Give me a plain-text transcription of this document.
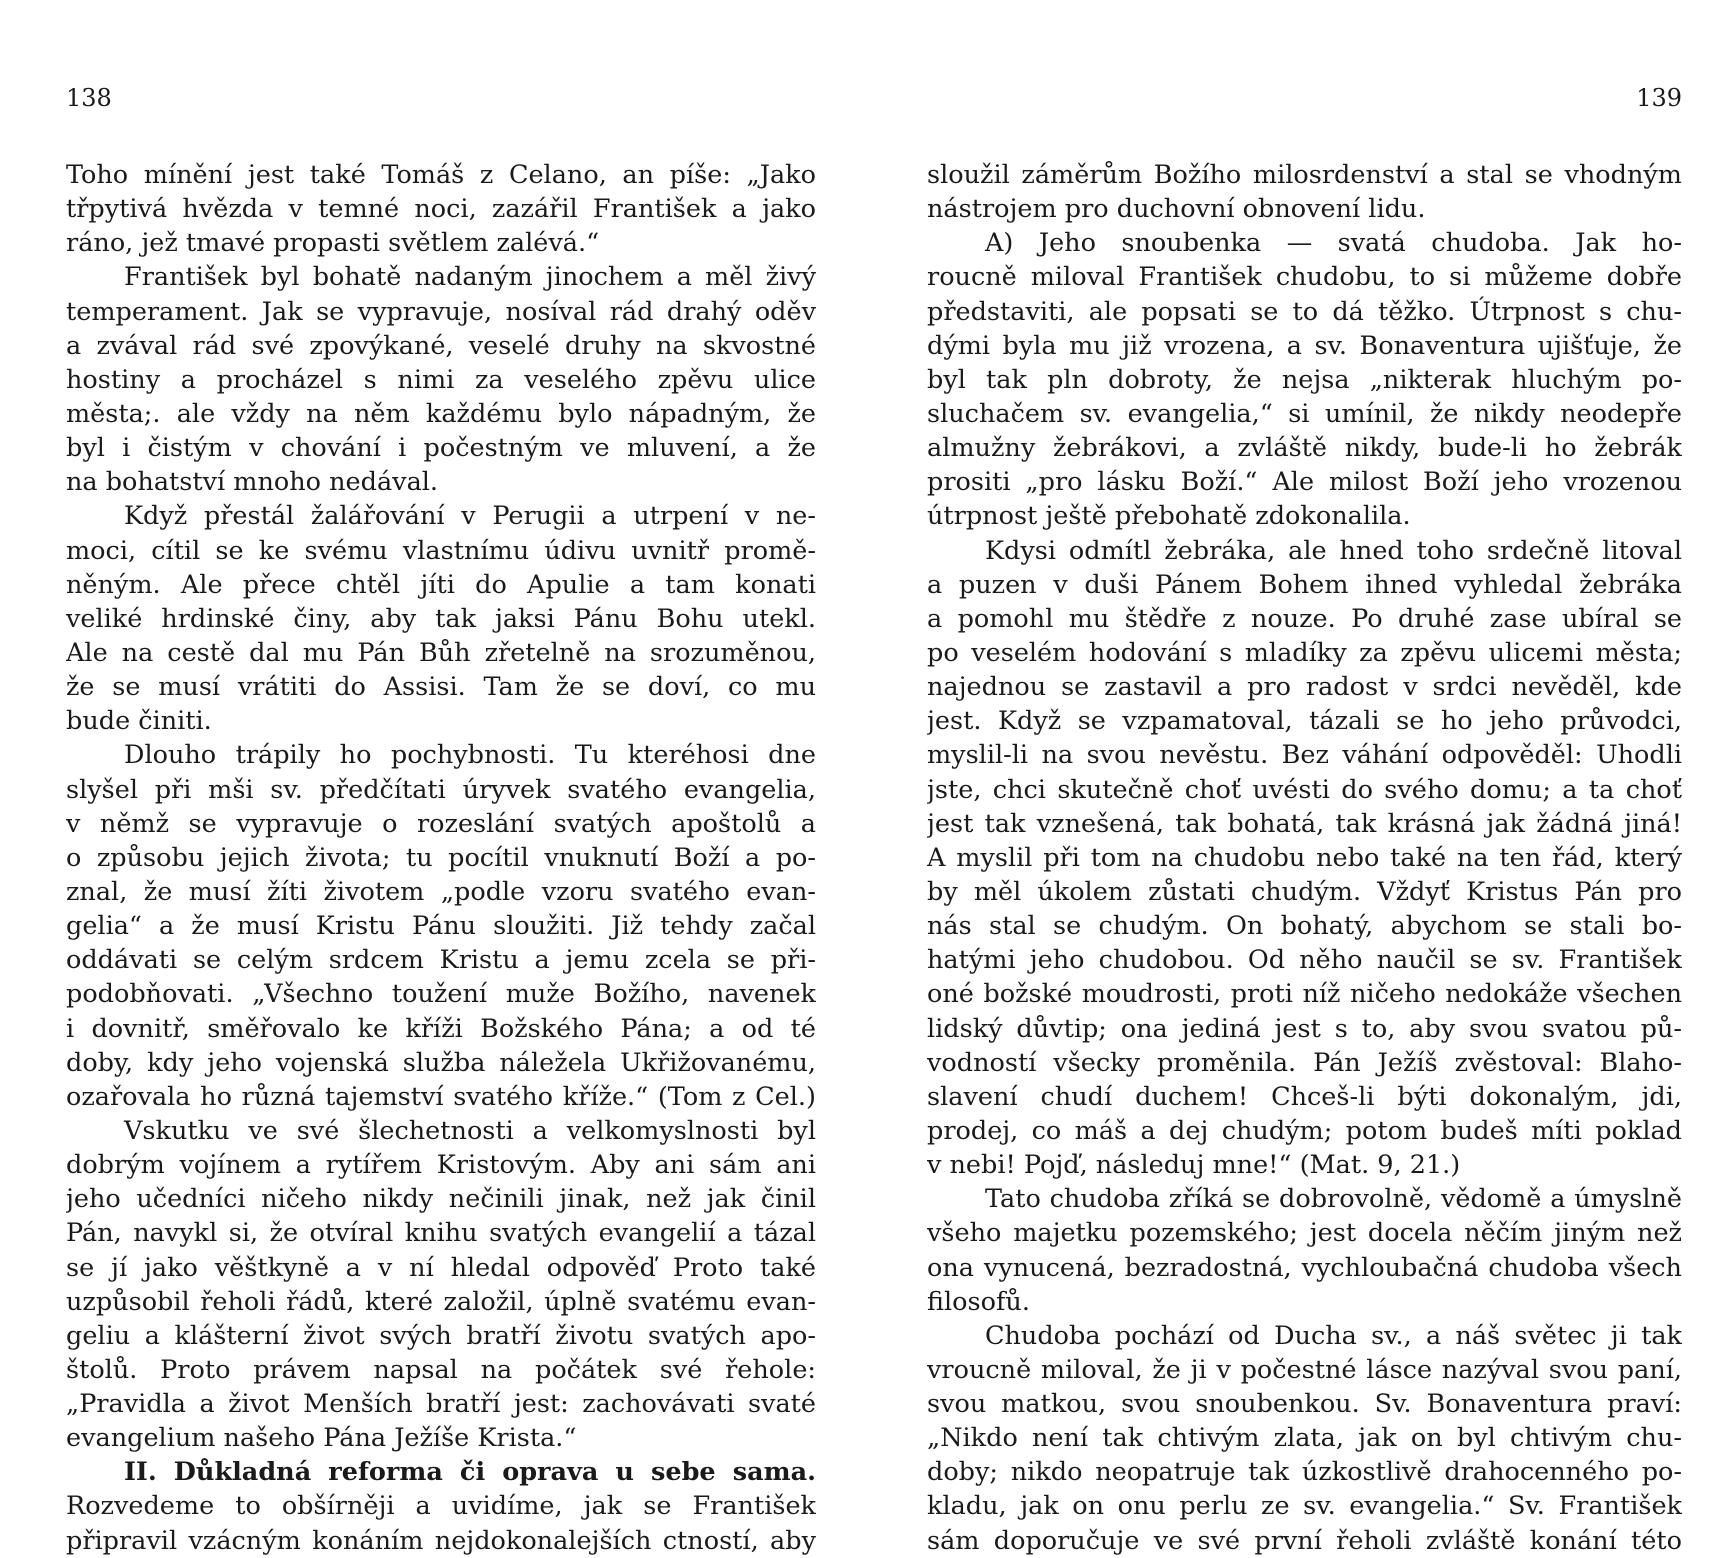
138
Toho mínění jest také Tomáš z Celano, an píše: „Jako
třpytivá hvězda v temné noci, zazářil František a jako
ráno, jež tmavé propasti světlem zalévá.“
František byl bohatě nadaným jinochem a měl živý
temperament. Jak se vypravuje, nosíval rád drahý oděv
a zvával rád své zpovýkané, veselé druhy na skvostné
hostiny a procházel s nimi za veselého zpěvu ulice
města;. ale vždy na něm každému bylo nápadným, že
byl i čistým v chování i počestným ve mluvení, a že
na bohatství mnoho nedával.
Když přestál žalářování v Perugii a utrpení v ne-
moci, cítil se ke svému vlastnímu údivu uvnitř promě-
něným. Ale přece chtěl jíti do Apulie a tam konati
veliké hrdinské činy, aby tak jaksi Pánu Bohu utekl.
Ale na cestě dal mu Pán Bůh zřetelně na srozuměnou,
že se musí vrátiti do Assisi. Tam že se doví, co mu
bude činiti.
Dlouho trápily ho pochybnosti. Tu kteréhosi dne
slyšel při mši sv. předčítati úryvek svatého evangelia,
v němž se vypravuje o rozeslání svatých apoštolů a
o způsobu jejich života; tu pocítil vnuknutí Boží a po-
znal, že musí žíti životem „podle vzoru svatého evan-
gelia“ a že musí Kristu Pánu sloužiti. Již tehdy začal
oddávati se celým srdcem Kristu a jemu zcela se při-
podobňovati. „Všechno toužení muže Božího, navenek
i dovnitř, směřovalo ke kříži Božského Pána; a od té
doby, kdy jeho vojenská služba náležela Ukřižovanému,
ozařovala ho různá tajemství svatého kříže.“ (Tom z Cel.)
Vskutku ve své šlechetnosti a velkomyslnosti byl
dobrým vojínem a rytířem Kristovým. Aby ani sám ani
jeho učedníci ničeho nikdy nečinili jinak, než jak činil
Pán, navykl si, že otvíral knihu svatých evangelií a tázal
se jí jako věštkyně a v ní hledal odpověď Proto také
uzpůsobil řeholi řádů, které založil, úplně svatému evan-
geliu a klášterní život svých bratří životu svatých apo-
štolů. Proto právem napsal na počátek své řehole:
„Pravidla a život Menších bratří jest: zachovávati svaté
evangelium našeho Pána Ježíše Krista.“
II. Důkladná reforma či oprava u sebe sama.
Rozvedeme to obšírněji a uvidíme, jak se František
připravil vzácným konáním nejdokonalejších ctností, aby
139
sloužil záměrům Božího milosrdenství a stal se vhodným
nástrojem pro duchovní obnovení lidu.
A) Jeho snoubenka — svatá chudoba. Jak ho-
roucně miloval František chudobu, to si můžeme dobře
představiti, ale popsati se to dá těžko. Útrpnost s chu-
dými byla mu již vrozena, a sv. Bonaventura ujišťuje, že
byl tak pln dobroty, že nejsa „nikterak hluchým po-
sluchačem sv. evangelia,“ si umínil, že nikdy neodepře
almužny žebrákovi, a zvláště nikdy, bude-li ho žebrák
prositi „pro lásku Boží.“ Ale milost Boží jeho vrozenou
útrpnost ještě přebohatě zdokonalila.
Kdysi odmítl žebráka, ale hned toho srdečně litoval
a puzen v duši Pánem Bohem ihned vyhledal žebráka
a pomohl mu štědře z nouze. Po druhé zase ubíral se
po veselém hodování s mladíky za zpěvu ulicemi města;
najednou se zastavil a pro radost v srdci nevěděl, kde
jest. Když se vzpamatoval, tázali se ho jeho průvodci,
myslil-li na svou nevěstu. Bez váhání odpověděl: Uhodli
jste, chci skutečně choť uvésti do svého domu; a ta choť
jest tak vznešená, tak bohatá, tak krásná jak žádná jiná!
A myslil při tom na chudobu nebo také na ten řád, který
by měl úkolem zůstati chudým. Vždyť Kristus Pán pro
nás stal se chudým. On bohatý, abychom se stali bo-
hatými jeho chudobou. Od něho naučil se sv. František
oné božské moudrosti, proti níž ničeho nedokáže všechen
lidský důvtip; ona jediná jest s to, aby svou svatou pů-
vodností všecky proměnila. Pán Ježíš zvěstoval: Blaho-
slavení chudí duchem! Chceš-li býti dokonalým, jdi,
prodej, co máš a dej chudým; potom budeš míti poklad
v nebi! Pojď, následuj mne!“ (Mat. 9, 21.)
Tato chudoba zříká se dobrovolně, vědomě a úmyslně
všeho majetku pozemského; jest docela něčím jiným než
ona vynucená, bezradostná, vychloubačná chudoba všech
filosofů.
Chudoba pochází od Ducha sv., a náš světec ji tak
vroucně miloval, že ji v počestné lásce nazýval svou paní,
svou matkou, svou snoubenkou. Sv. Bonaventura praví:
„Nikdo není tak chtivým zlata, jak on byl chtivým chu-
doby; nikdo neopatruje tak úzkostlivě drahocenného po-
kladu, jak on onu perlu ze sv. evangelia.“ Sv. František
sám doporučuje ve své první řeholi zvláště konání této
